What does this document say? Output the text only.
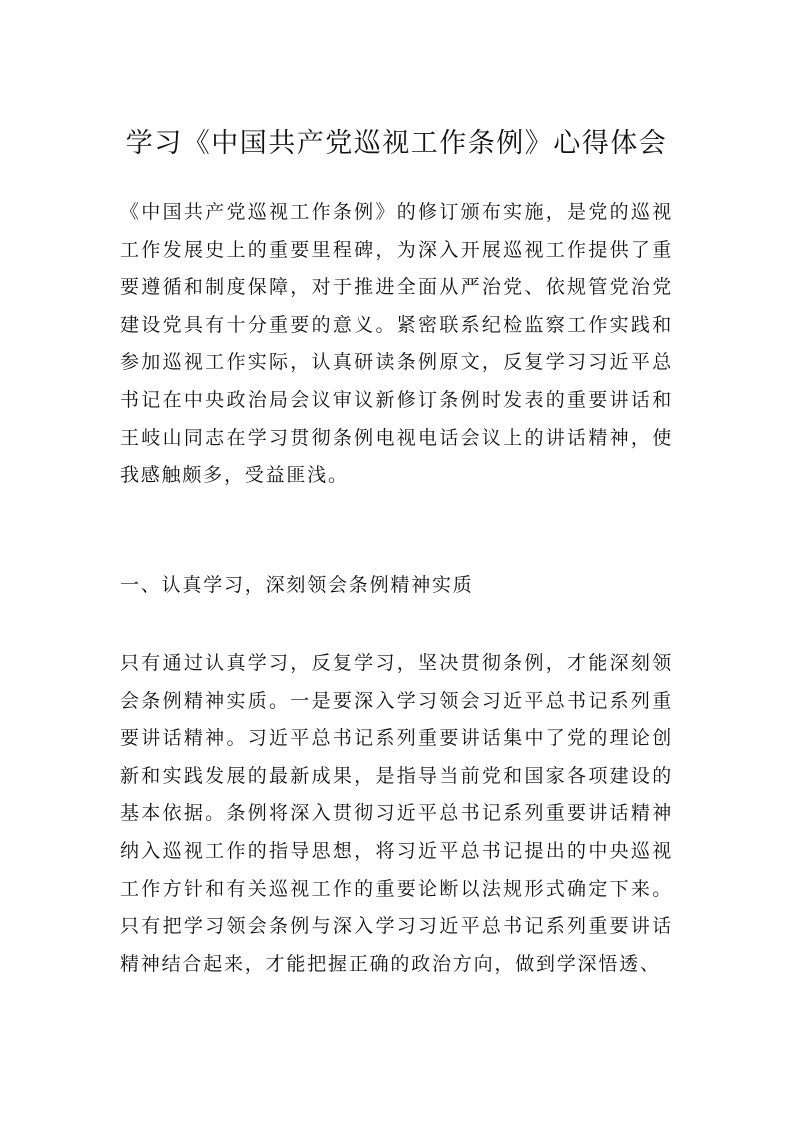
学习《中国共产党巡视工作条例》心得体会

《中国共产党巡视工作条例》的修订颁布实施，是党的巡视工作发展史上的重要里程碑，为深入开展巡视工作提供了重要遵循和制度保障，对于推进全面从严治党、依规管党治党建设党具有十分重要的意义。紧密联系纪检监察工作实践和参加巡视工作实际，认真研读条例原文，反复学习习近平总书记在中央政治局会议审议新修订条例时发表的重要讲话和王岐山同志在学习贯彻条例电视电话会议上的讲话精神，使我感触颇多，受益匪浅。

一、认真学习，深刻领会条例精神实质

只有通过认真学习，反复学习，坚决贯彻条例，才能深刻领会条例精神实质。一是要深入学习领会习近平总书记系列重要讲话精神。习近平总书记系列重要讲话集中了党的理论创新和实践发展的最新成果，是指导当前党和国家各项建设的基本依据。条例将深入贯彻习近平总书记系列重要讲话精神纳入巡视工作的指导思想，将习近平总书记提出的中央巡视工作方针和有关巡视工作的重要论断以法规形式确定下来。只有把学习领会条例与深入学习习近平总书记系列重要讲话精神结合起来，才能把握正确的政治方向，做到学深悟透、
